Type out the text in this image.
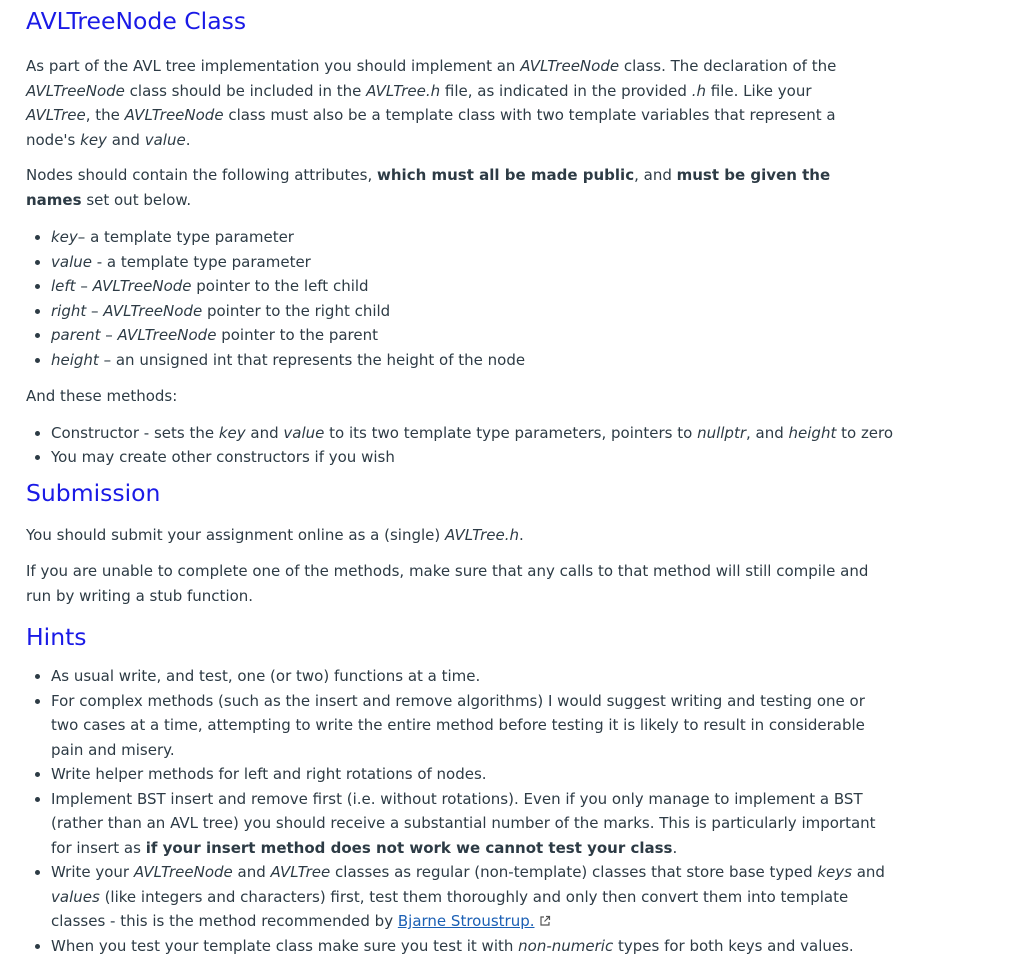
AVLTreeNode Class

As part of the AVL tree implementation you should implement an AVLTreeNode class. The declaration of the AVLTreeNode class should be included in the AVLTree.h file, as indicated in the provided .h file. Like your AVLTree, the AVLTreeNode class must also be a template class with two template variables that represent a node's key and value.

Nodes should contain the following attributes, which must all be made public, and must be given the names set out below.

• key– a template type parameter
• value - a template type parameter
• left – AVLTreeNode pointer to the left child
• right – AVLTreeNode pointer to the right child
• parent – AVLTreeNode pointer to the parent
• height – an unsigned int that represents the height of the node

And these methods:

• Constructor - sets the key and value to its two template type parameters, pointers to nullptr, and height to zero
• You may create other constructors if you wish
Submission

You should submit your assignment online as a (single) AVLTree.h.

If you are unable to complete one of the methods, make sure that any calls to that method will still compile and run by writing a stub function.

Hints
• As usual write, and test, one (or two) functions at a time.
• For complex methods (such as the insert and remove algorithms) I would suggest writing and testing one or two cases at a time, attempting to write the entire method before testing it is likely to result in considerable pain and misery.
• Write helper methods for left and right rotations of nodes.
• Implement BST insert and remove first (i.e. without rotations). Even if you only manage to implement a BST (rather than an AVL tree) you should receive a substantial number of the marks. This is particularly important for insert as if your insert method does not work we cannot test your class.
• Write your AVLTreeNode and AVLTree classes as regular (non-template) classes that store base typed keys and values (like integers and characters) first, test them thoroughly and only then convert them into template classes - this is the method recommended by Bjarne Stroustrup.
• When you test your template class make sure you test it with non-numeric types for both keys and values.
